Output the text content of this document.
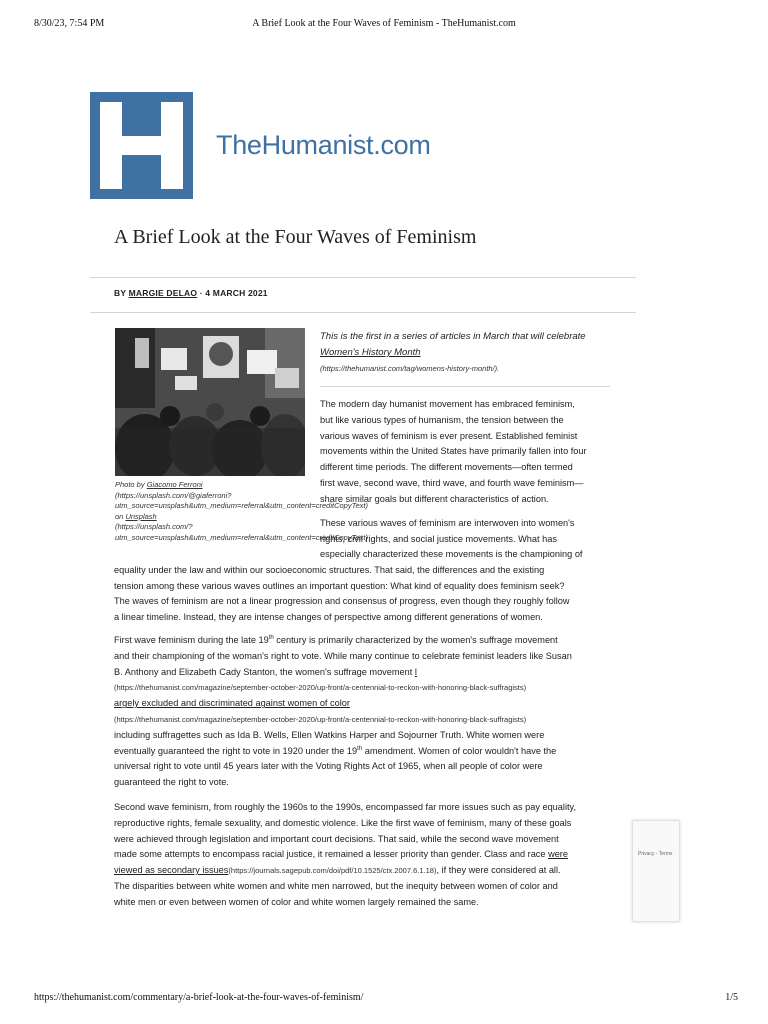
8/30/23, 7:54 PM	A Brief Look at the Four Waves of Feminism - TheHumanist.com
TheHumanist.com
A Brief Look at the Four Waves of Feminism
BY MARGIE DELAO · 4 MARCH 2021
Photo by Giacomo Ferroni
(https://unsplash.com/@giaferroni?
utm_source=unsplash&utm_medium=referral&utm_content=creditCopyText)
on Unsplash
(https://unsplash.com/?
utm_source=unsplash&utm_medium=referral&utm_content=creditCopyText)
This is the first in a series of articles in March that will celebrate
Women's History Month
(https://thehumanist.com/tag/womens-history-month/).
The modern day humanist movement has embraced feminism,
but like various types of humanism, the tension between the
various waves of feminism is ever present. Established feminist
movements within the United States have primarily fallen into four
different time periods. The different movements—often termed
first wave, second wave, third wave, and fourth wave feminism—
share similar goals but different characteristics of action.
These various waves of feminism are interwoven into women's
rights, civil rights, and social justice movements. What has
especially characterized these movements is the championing of
equality under the law and within our socioeconomic structures. That said, the differences and the existing
tension among these various waves outlines an important question: What kind of equality does feminism seek?
The waves of feminism are not a linear progression and consensus of progress, even though they roughly follow
a linear timeline. Instead, they are intense changes of perspective among different generations of women.
First wave feminism during the late 19th century is primarily characterized by the women's suffrage movement
and their championing of the woman's right to vote. While many continue to celebrate feminist leaders like Susan
B. Anthony and Elizabeth Cady Stanton, the women's suffrage movement l
(https://thehumanist.com/magazine/september-october-2020/up-front/a-centennial-to-reckon-with-honoring-black-suffragists)
argely excluded and discriminated against women of color
(https://thehumanist.com/magazine/september-october-2020/up-front/a-centennial-to-reckon-with-honoring-black-suffragists)
including suffragettes such as Ida B. Wells, Ellen Watkins Harper and Sojourner Truth. White women were
eventually guaranteed the right to vote in 1920 under the 19th amendment. Women of color wouldn't have the
universal right to vote until 45 years later with the Voting Rights Act of 1965, when all people of color were
guaranteed the right to vote.
Second wave feminism, from roughly the 1960s to the 1990s, encompassed far more issues such as pay equality,
reproductive rights, female sexuality, and domestic violence. Like the first wave of feminism, many of these goals
were achieved through legislation and important court decisions. That said, while the second wave movement
made some attempts to encompass racial justice, it remained a lesser priority than gender. Class and race were
viewed as secondary issues(https://journals.sagepub.com/doi/pdf/10.1525/ctx.2007.6.1.18), if they were considered at all.
The disparities between white women and white men narrowed, but the inequity between women of color and
white men or even between women of color and white women largely remained the same.
Privacy - Terms
https://thehumanist.com/commentary/a-brief-look-at-the-four-waves-of-feminism/	1/5
